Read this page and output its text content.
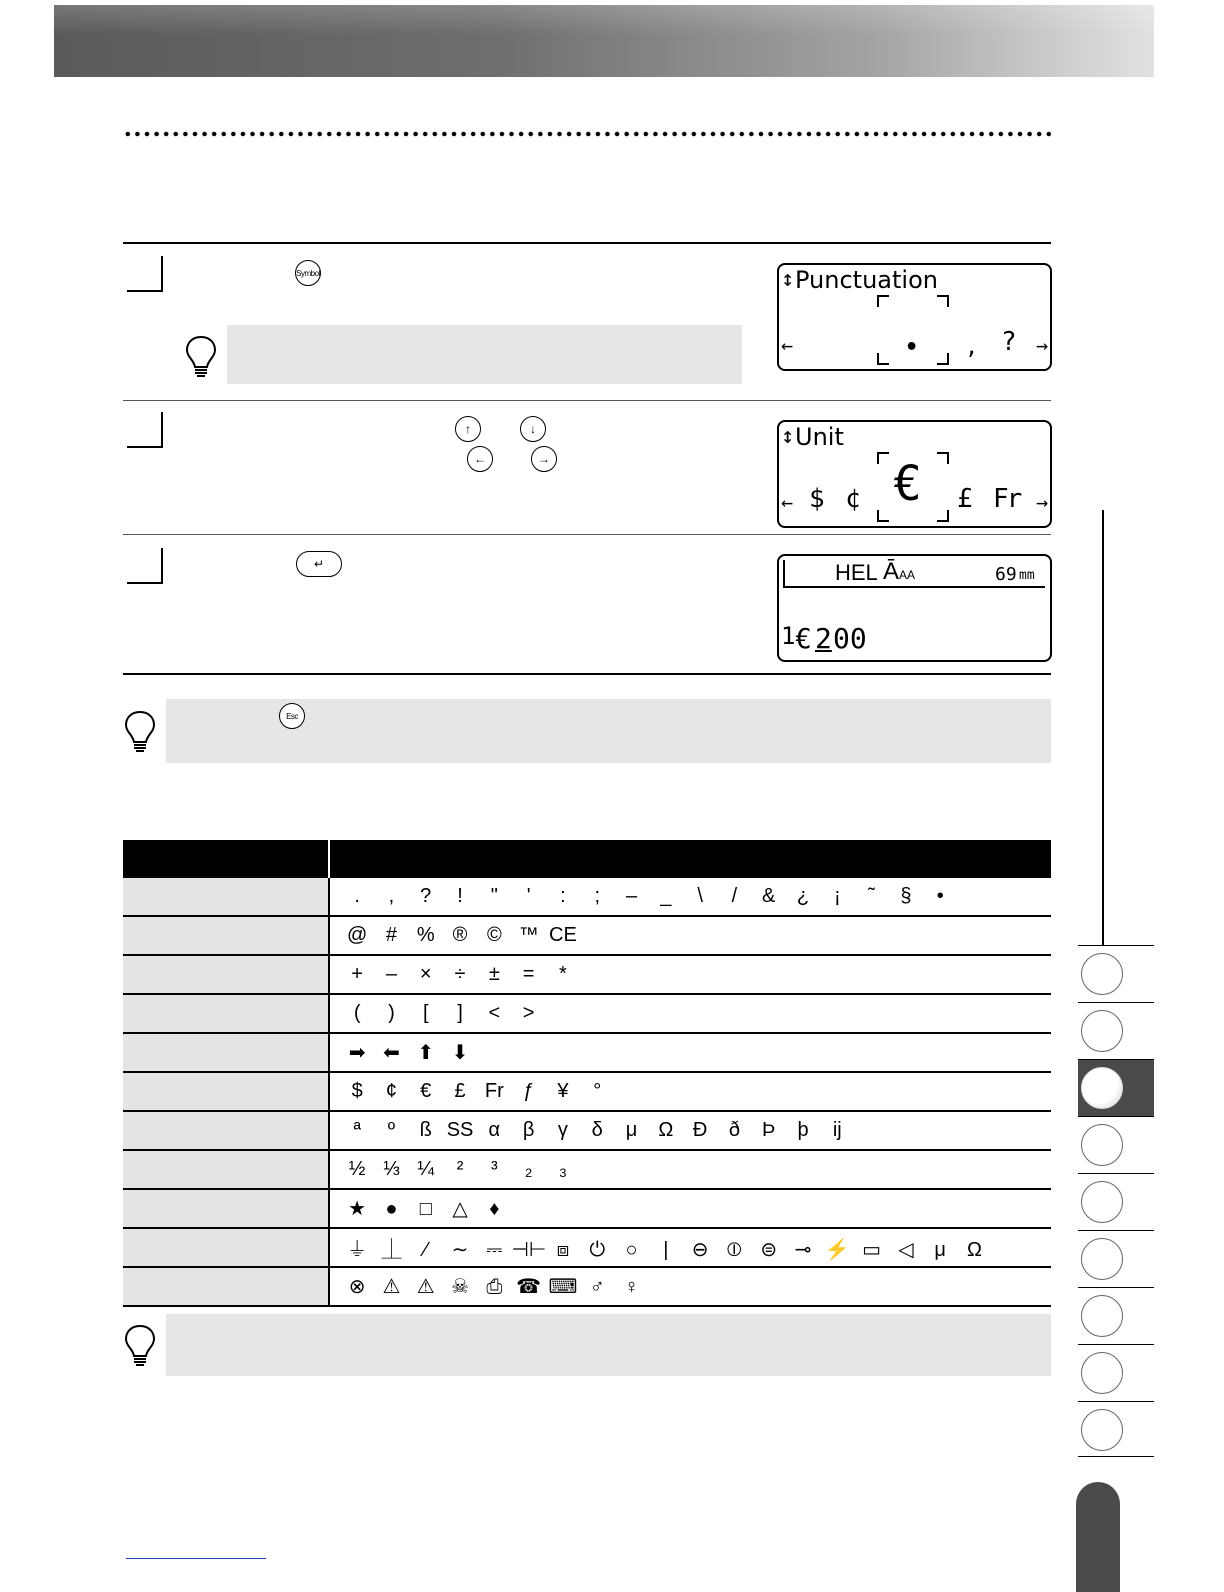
Symbol	↕ Punctuation
←	→
• , ?
↑	↓
←	→
↕ Unit
←	→
$ ¢ € £ Fr
↵	HEL Ā AA	69 mm
1 € 2 00
Esc

	. , ? ! " ' : ; – _ \ / & ¿ ¡ ˜ § •
	@ # % ® © ™ CE
	+ – × ÷ ± = *
	( ) [ ] < >
	➡ ⬅ ⬆ ⬇
	$ ¢ € £ Fr ƒ ¥ °
	ª º ß SS α β γ δ μ Ω Đ ð Þ þ ij
	½ ⅓ ¼ ² ³ ₂ ₃
	★ ● □ △ ♦
	⏚ ⏊ ⁄ ∼ ⎓ ⊣⊢ ⧈ ⏻ ○ | ⊖ ⦶ ⊜ ⊸ ⚡ ▭ ◁ μ Ω
	⊗ ⚠ ⚠ ☠ ⎙ ☎ ⌨ ♂ ♀
